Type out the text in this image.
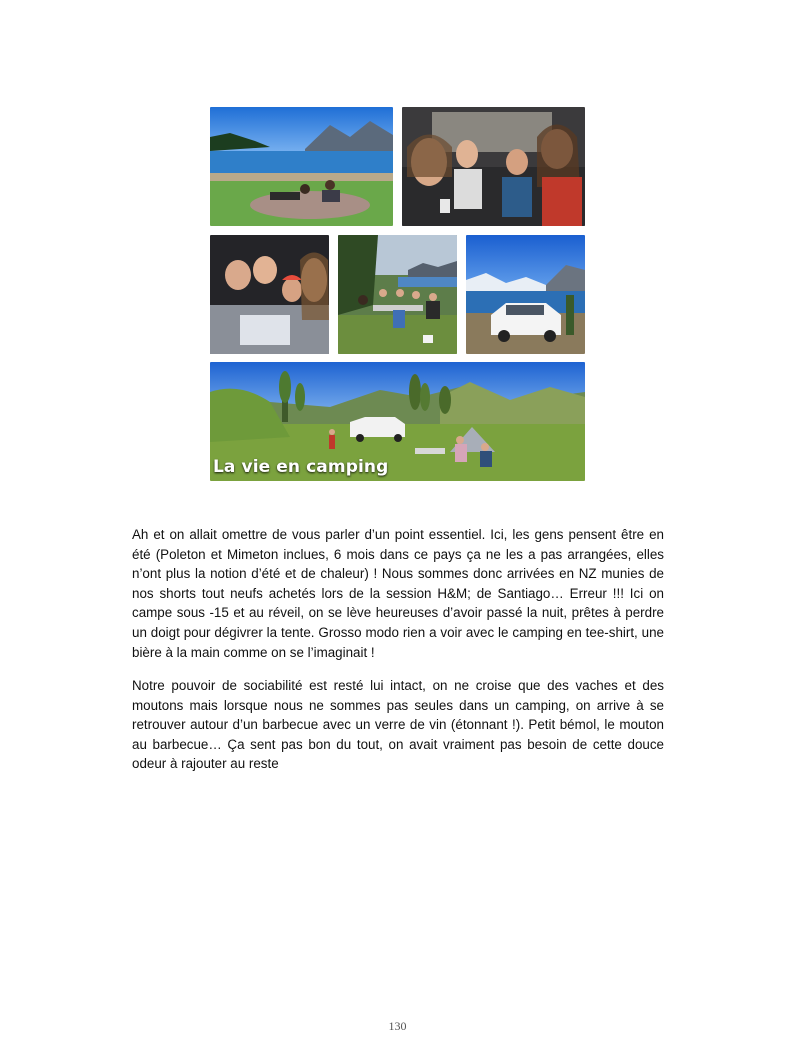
La vie en camping

Ah et on allait omettre de vous parler d’un point essentiel. Ici, les gens pensent être en été (Poleton et Mimeton inclues, 6 mois dans ce pays ça ne les a pas arrangées, elles n’ont plus la notion d’été et de chaleur) ! Nous sommes donc arrivées en NZ munies de nos shorts tout neufs achetés lors de la session H&M; de Santiago… Erreur !!! Ici on campe sous -15 et au réveil, on se lève heureuses d’avoir passé la nuit, prêtes à perdre un doigt pour dégivrer la tente. Grosso modo rien a voir avec le camping en tee-shirt, une bière à la main comme on se l’imaginait !

Notre pouvoir de sociabilité est resté lui intact, on ne croise que des vaches et des moutons mais lorsque nous ne sommes pas seules dans un camping, on arrive à se retrouver autour d’un barbecue avec un verre de vin (étonnant !). Petit bémol, le mouton au barbecue… Ça sent pas bon du tout, on avait vraiment pas besoin de cette douce odeur à rajouter au reste

130
